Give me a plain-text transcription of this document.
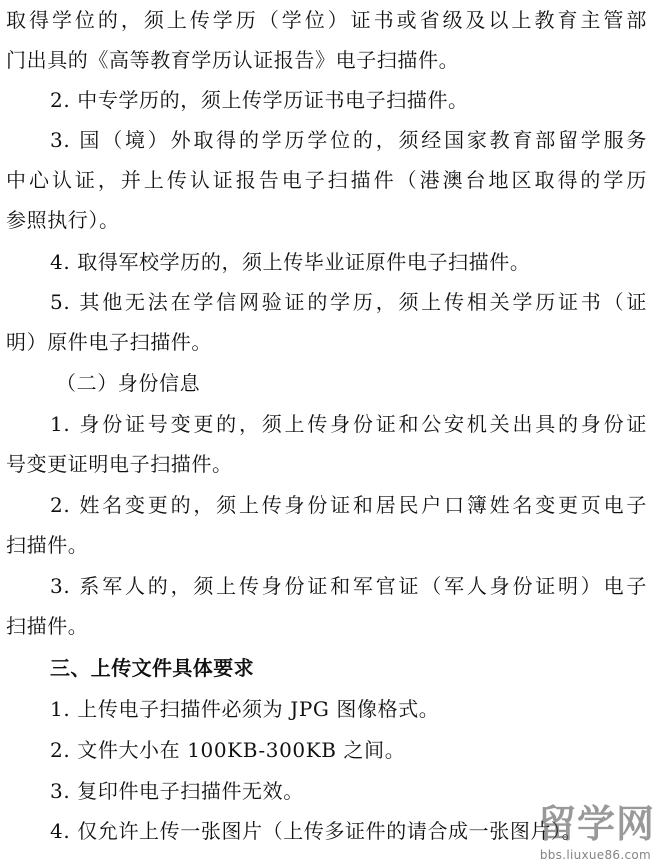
取得学位的，须上传学历（学位）证书或省级及以上教育主管部
门出具的《高等教育学历认证报告》电子扫描件。
2. 中专学历的，须上传学历证书电子扫描件。
3. 国（境）外取得的学历学位的，须经国家教育部留学服务
中心认证，并上传认证报告电子扫描件（港澳台地区取得的学历
参照执行）。
4. 取得军校学历的，须上传毕业证原件电子扫描件。
5. 其他无法在学信网验证的学历，须上传相关学历证书（证
明）原件电子扫描件。
（二）身份信息
1. 身份证号变更的，须上传身份证和公安机关出具的身份证
号变更证明电子扫描件。
2. 姓名变更的，须上传身份证和居民户口簿姓名变更页电子
扫描件。
3. 系军人的，须上传身份证和军官证（军人身份证明）电子
扫描件。
三、上传文件具体要求
1. 上传电子扫描件必须为 JPG 图像格式。
2. 文件大小在 100KB-300KB 之间。
3. 复印件电子扫描件无效。
4. 仅允许上传一张图片（上传多证件的请合成一张图片）。
留学网
bbs.liuxue86.com
